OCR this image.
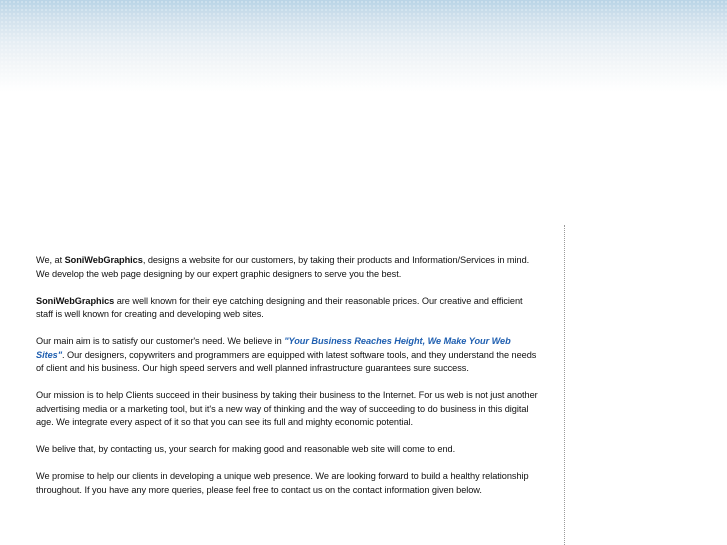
We, at SoniWebGraphics, designs a website for our customers, by taking their products and Information/Services in mind. We develop the web page designing by our expert graphic designers to serve you the best.

SoniWebGraphics are well known for their eye catching designing and their reasonable prices. Our creative and efficient staff is well known for creating and developing web sites.

Our main aim is to satisfy our customer's need. We believe in "Your Business Reaches Height, We Make Your Web Sites". Our designers, copywriters and programmers are equipped with latest software tools, and they understand the needs of client and his business. Our high speed servers and well planned infrastructure guarantees sure success.

Our mission is to help Clients succeed in their business by taking their business to the Internet. For us web is not just another advertising media or a marketing tool, but it's a new way of thinking and the way of succeeding to do business in this digital age. We integrate every aspect of it so that you can see its full and mighty economic potential.

We belive that, by contacting us, your search for making good and reasonable web site will come to end.

We promise to help our clients in developing a unique web presence. We are looking forward to build a healthy relationship throughout. If you have any more queries, please feel free to contact us on the contact information given below.
